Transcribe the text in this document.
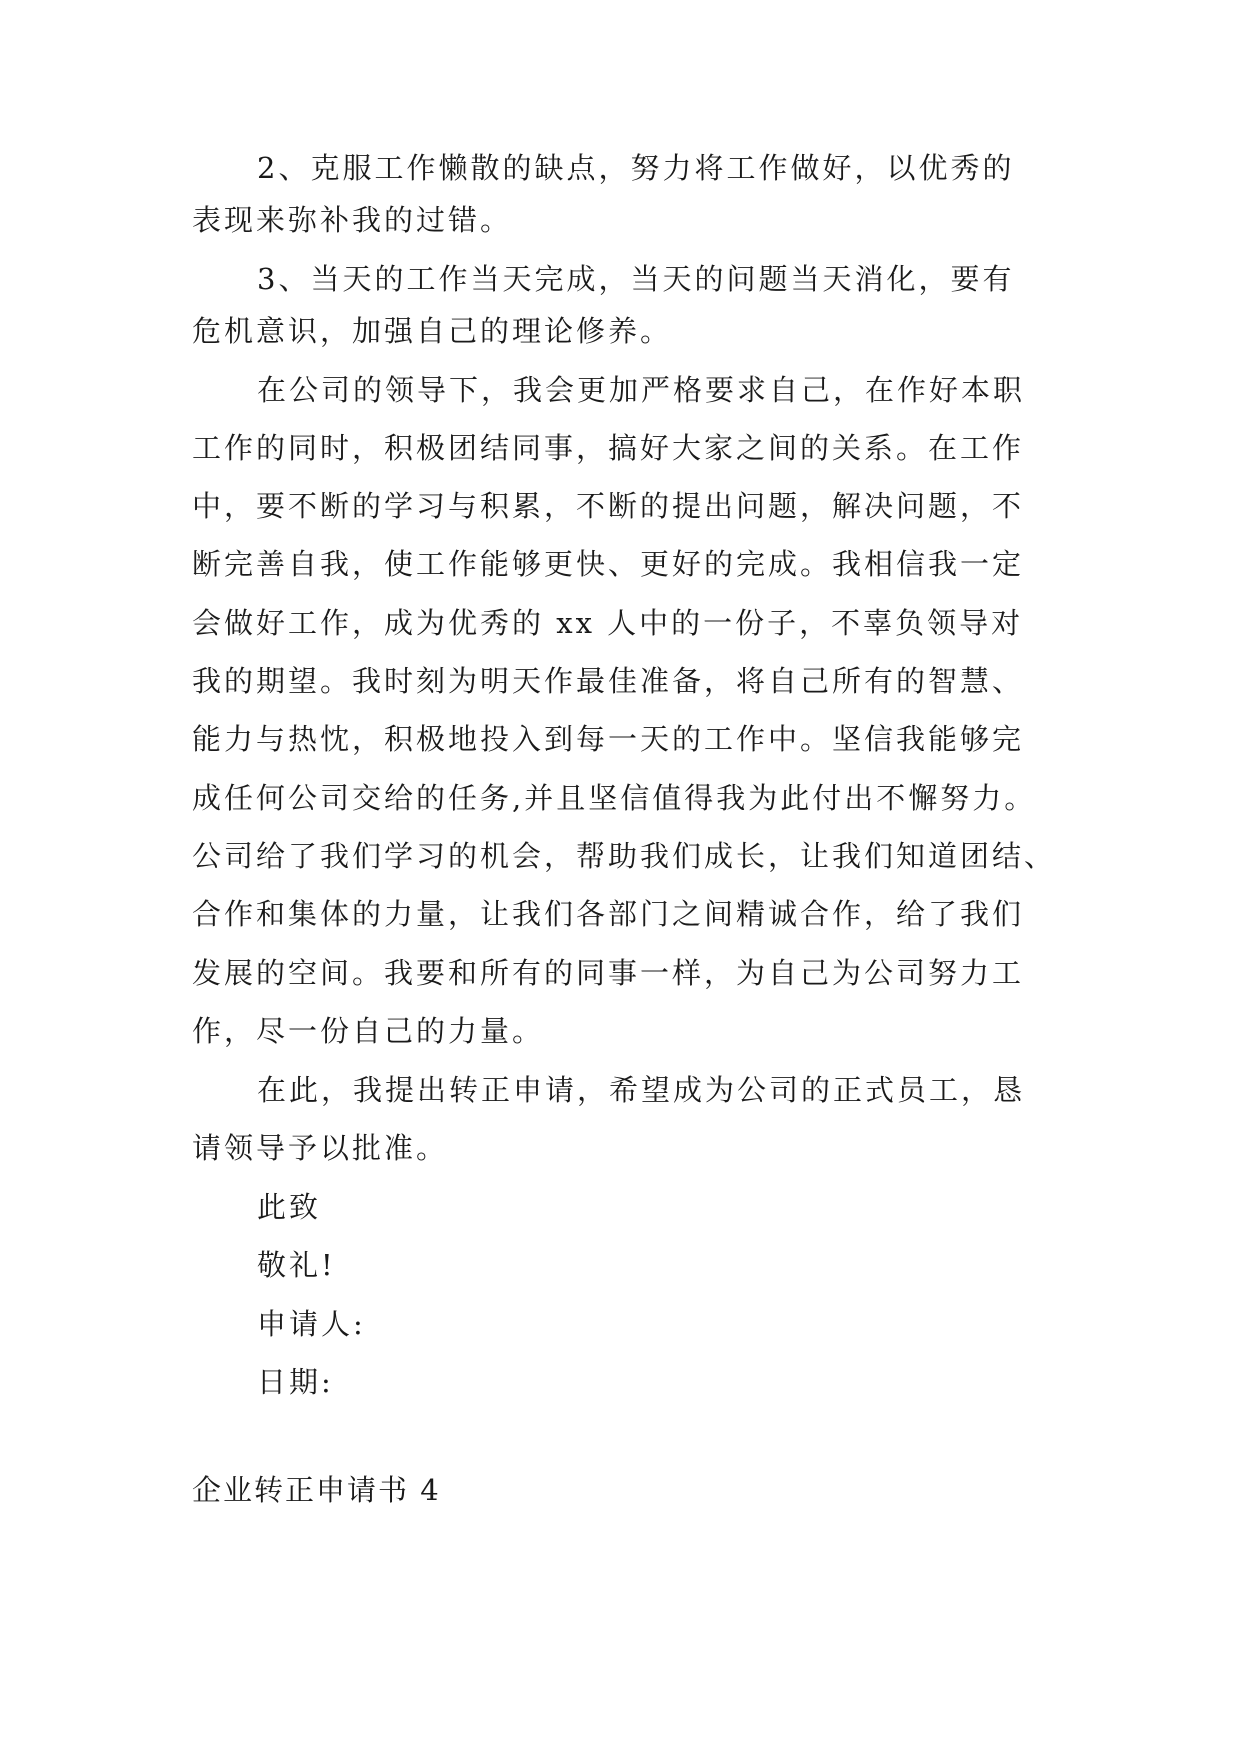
2、克服工作懒散的缺点，努力将工作做好，以优秀的
表现来弥补我的过错。
3、当天的工作当天完成，当天的问题当天消化，要有
危机意识，加强自己的理论修养。
在公司的领导下，我会更加严格要求自己，在作好本职
工作的同时，积极团结同事，搞好大家之间的关系。在工作
中，要不断的学习与积累，不断的提出问题，解决问题，不
断完善自我，使工作能够更快、更好的完成。我相信我一定
会做好工作，成为优秀的 xx 人中的一份子，不辜负领导对
我的期望。我时刻为明天作最佳准备，将自己所有的智慧、
能力与热忱，积极地投入到每一天的工作中。坚信我能够完
成任何公司交给的任务,并且坚信值得我为此付出不懈努力。
公司给了我们学习的机会，帮助我们成长，让我们知道团结、
合作和集体的力量，让我们各部门之间精诚合作，给了我们
发展的空间。我要和所有的同事一样，为自己为公司努力工
作，尽一份自己的力量。
在此，我提出转正申请，希望成为公司的正式员工，恳
请领导予以批准。
此致
敬礼!
申请人:
日期:
企业转正申请书 4
